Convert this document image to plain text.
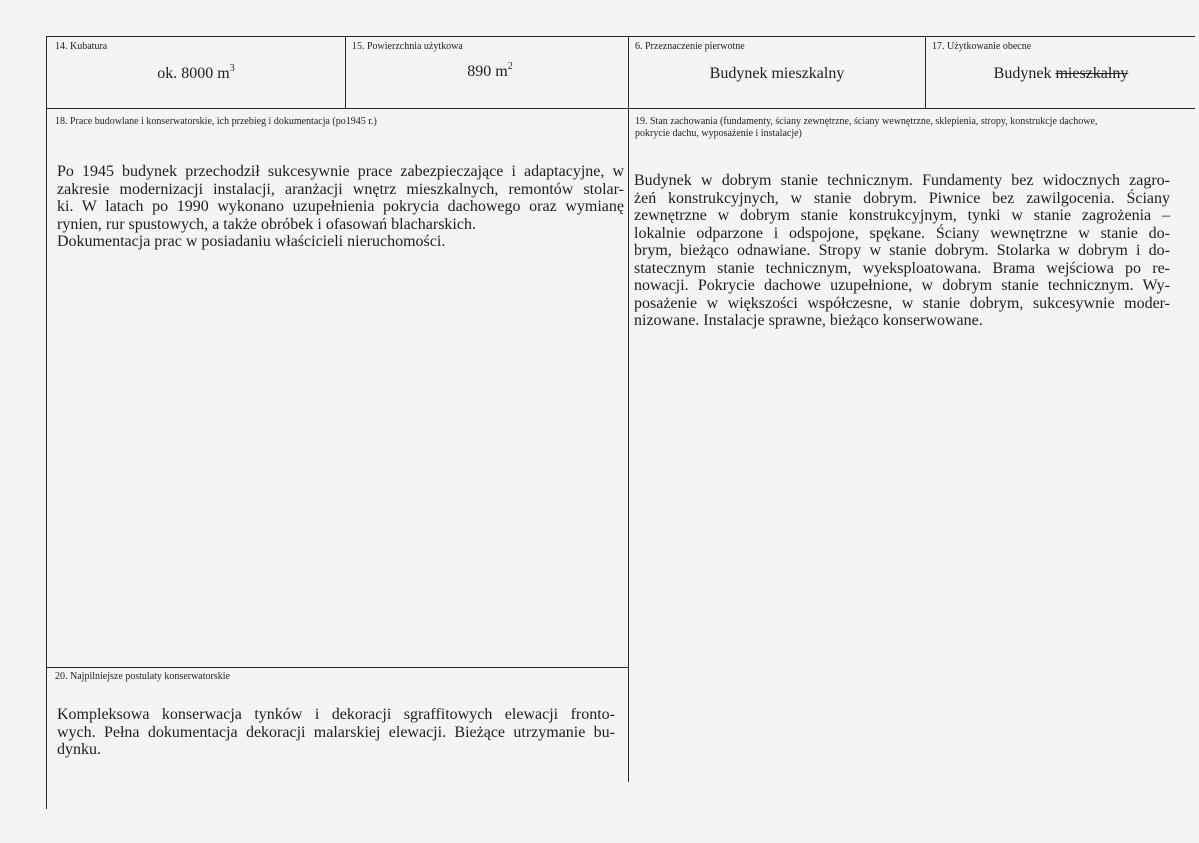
14. Kubatura
ok. 8000 $m^3$
15. Powierzchnia użytkowa
890 $m^2$
6. Przeznaczenie pierwotne
Budynek mieszkalny
17. Użytkowanie obecne
Budynek mieszkalny
18. Prace budowlane i konserwatorskie, ich przebieg i dokumentacja (po1945 r.)
Po 1945 budynek przechodził sukcesywnie prace zabezpieczające i adaptacyjne, w
zakresie modernizacji instalacji, aranżacji wnętrz mieszkalnych, remontów stolar-
ki. W latach po 1990 wykonano uzupełnienia pokrycia dachowego oraz wymianę
rynien, rur spustowych, a także obróbek i ofasowań blacharskich.
Dokumentacja prac w posiadaniu właścicieli nieruchomości.
19. Stan zachowania (fundamenty, ściany zewnętrzne, ściany wewnętrzne, sklepienia, stropy, konstrukcje dachowe,
pokrycie dachu, wyposażenie i instalacje)
Budynek w dobrym stanie technicznym. Fundamenty bez widocznych zagro-
żeń konstrukcyjnych, w stanie dobrym. Piwnice bez zawilgocenia. Ściany
zewnętrzne w dobrym stanie konstrukcyjnym, tynki w stanie zagrożenia –
lokalnie odparzone i odspojone, spękane. Ściany wewnętrzne w stanie do-
brym, bieżąco odnawiane. Stropy w stanie dobrym. Stolarka w dobrym i do-
statecznym stanie technicznym, wyeksploatowana. Brama wejściowa po re-
nowacji. Pokrycie dachowe uzupełnione, w dobrym stanie technicznym. Wy-
posażenie w większości współczesne, w stanie dobrym, sukcesywnie moder-
nizowane. Instalacje sprawne, bieżąco konserwowane.
20. Najpilniejsze postulaty konserwatorskie
Kompleksowa konserwacja tynków i dekoracji sgraffitowych elewacji fronto-
wych. Pełna dokumentacja dekoracji malarskiej elewacji. Bieżące utrzymanie bu-
dynku.
